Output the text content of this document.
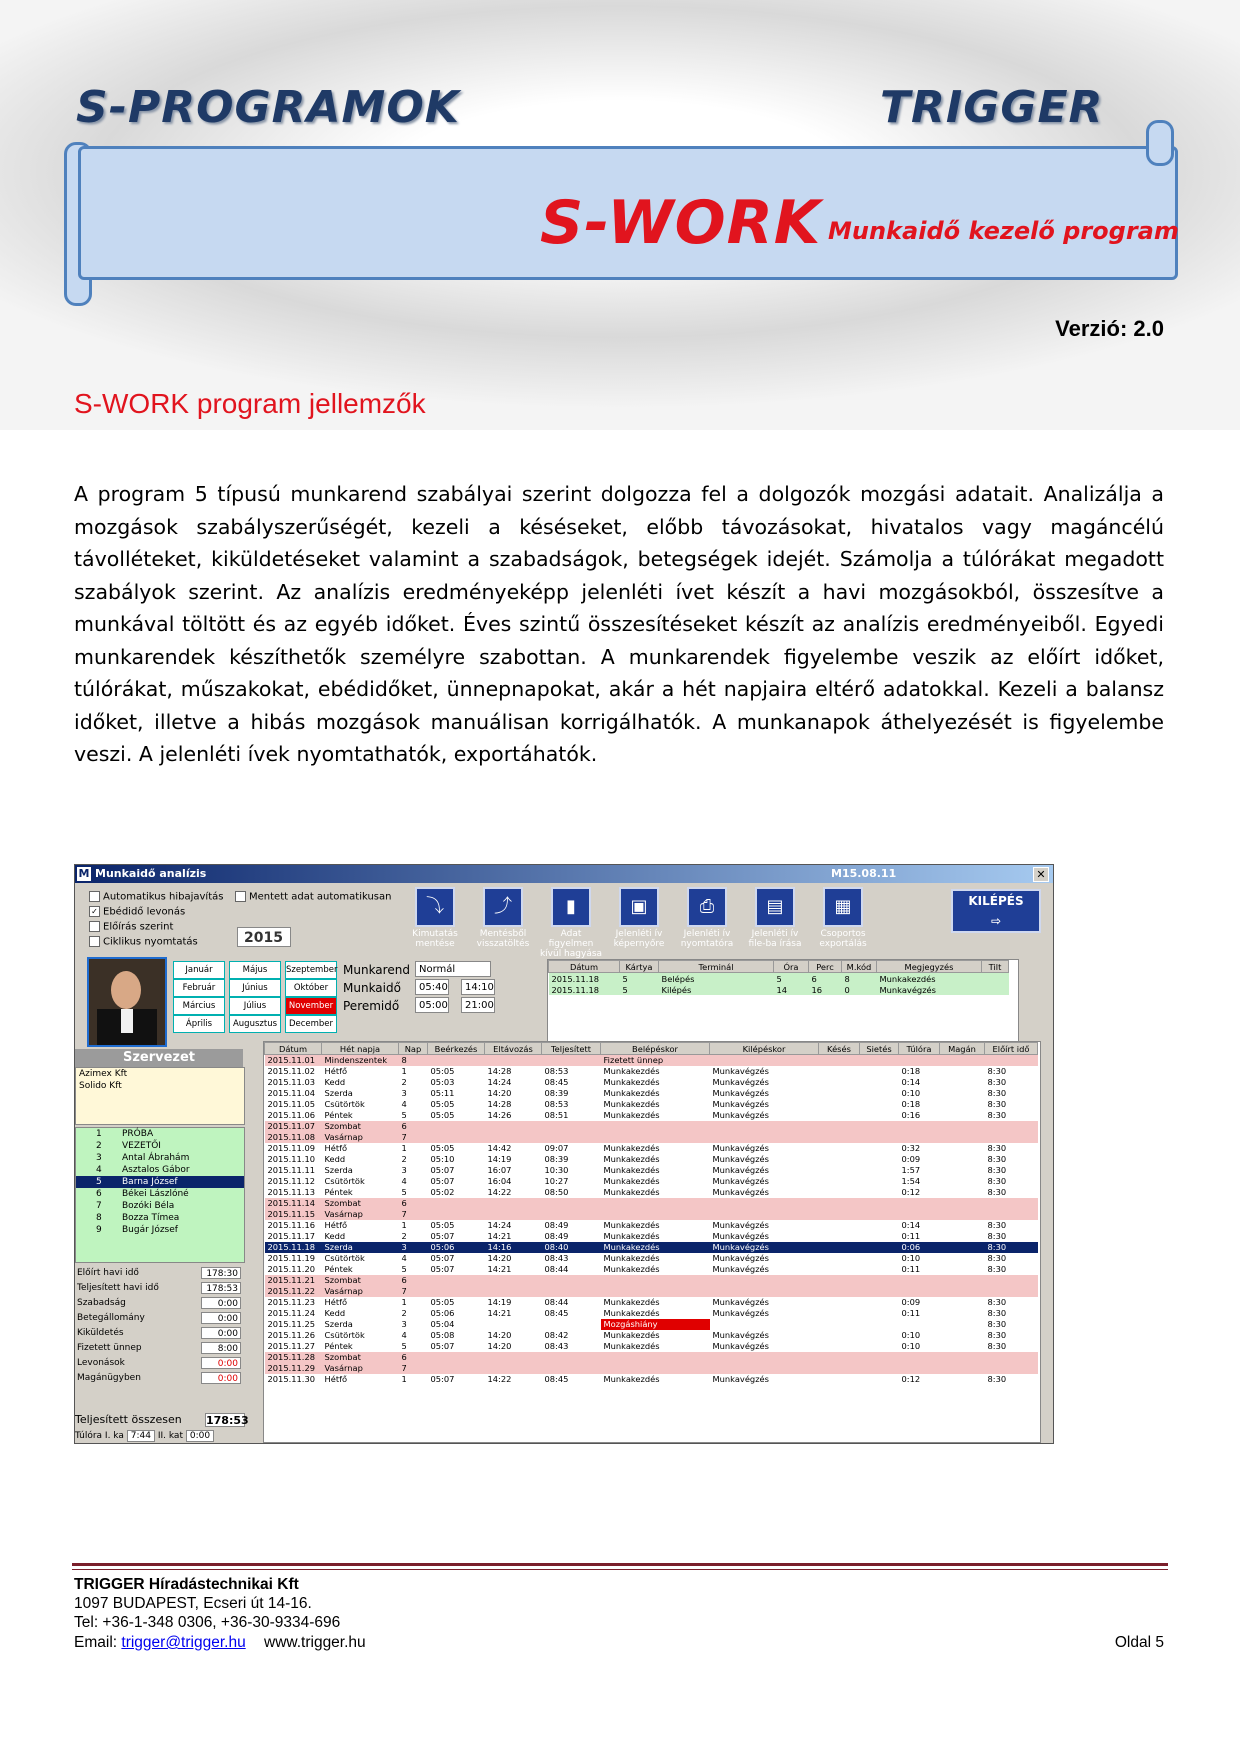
S-PROGRAMOK	TRIGGER
S-WORK Munkaidő kezelő program
Verzió: 2.0
S-WORK program jellemzők
A program 5 típusú munkarend szabályai szerint dolgozza fel a dolgozók mozgási adatait. Analizálja a mozgások szabályszerűségét, kezeli a késéseket, előbb távozásokat, hivatalos vagy magáncélú távolléteket, kiküldetéseket valamint a szabadságok, betegségek idejét. Számolja a túlórákat megadott szabályok szerint. Az analízis eredményeképp jelenléti ívet készít a havi mozgásokból, összesítve a munkával töltött és az egyéb időket. Éves szintű összesítéseket készít az analízis eredményeiből. Egyedi munkarendek készíthetők személyre szabottan. A munkarendek figyelembe veszik az előírt időket, túlórákat, műszakokat, ebédidőket, ünnepnapokat, akár a hét napjaira eltérő adatokkal. Kezeli a balansz időket, illetve a hibás mozgások manuálisan korrigálhatók. A munkanapok áthelyezését is figyelembe veszi. A jelenléti ívek nyomtathatók, exportáhatók.
M Munkaidő analízis	M15.08.11	✕
Automatikus hibajavítás
✓ Ebédidő levonás
Előírás szerint
Ciklikus nyomtatás
Mentett adat automatikusan
2015
⤵
Kimutatás mentése
⤴
Mentésből visszatöltés
▮
Adat figyelmen kívül hagyása
▣
Jelenléti ív képernyőre
⎙
Jelenléti ív nyomtatóra
▤
Jelenléti ív file-ba írása
▦
Csoportos exportálás
KILÉPÉS
⇨
Január
Február
Március
Április
Május
Június
Július
Augusztus
Szeptember
Október
November
December
Munkarend Normál
Munkaidő	05:40	14:10
Peremidő	05:00	21:00
Dátum	Kártya	Terminál	Óra	Perc	M.kód	Megjegyzés	Tilt
2015.11.18	5	Belépés	5	6	8	Munkakezdés	
2015.11.18	5	Kilépés	14	16	0	Munkavégzés	
Szervezet
Azimex Kft
Solido Kft
1 PRÓBA
2 VEZETŐI
3 Antal Ábrahám
4 Asztalos Gábor
5 Barna József
6 Békei Lászlóné
7 Bozóki Béla
8 Bozza Tímea
9 Bugár József
Előírt havi idő	178:30
Teljesített havi idő	178:53
Szabadság	0:00
Betegállomány	0:00
Kiküldetés	0:00
Fizetett ünnep	8:00
Levonások	0:00
Magánügyben	0:00
Teljesített összesen 178:53
Túlóra I. ka 7:44 II. kat 0:00
Dátum	Hét napja	Nap	Beérkezés	Eltávozás	Teljesített	Belépéskor	Kilépéskor	Késés	Sietés	Túlóra	Magán	Előírt idő
2015.11.01	Mindenszentek	8				Fizetett ünnep						
2015.11.02	Hétfő	1	05:05	14:28	08:53	Munkakezdés	Munkavégzés			0:18		8:30
2015.11.03	Kedd	2	05:03	14:24	08:45	Munkakezdés	Munkavégzés			0:14		8:30
2015.11.04	Szerda	3	05:11	14:20	08:39	Munkakezdés	Munkavégzés			0:10		8:30
2015.11.05	Csütörtök	4	05:05	14:28	08:53	Munkakezdés	Munkavégzés			0:18		8:30
2015.11.06	Péntek	5	05:05	14:26	08:51	Munkakezdés	Munkavégzés			0:16		8:30
2015.11.07	Szombat	6										
2015.11.08	Vasárnap	7										
2015.11.09	Hétfő	1	05:05	14:42	09:07	Munkakezdés	Munkavégzés			0:32		8:30
2015.11.10	Kedd	2	05:10	14:19	08:39	Munkakezdés	Munkavégzés			0:09		8:30
2015.11.11	Szerda	3	05:07	16:07	10:30	Munkakezdés	Munkavégzés			1:57		8:30
2015.11.12	Csütörtök	4	05:07	16:04	10:27	Munkakezdés	Munkavégzés			1:54		8:30
2015.11.13	Péntek	5	05:02	14:22	08:50	Munkakezdés	Munkavégzés			0:12		8:30
2015.11.14	Szombat	6										
2015.11.15	Vasárnap	7										
2015.11.16	Hétfő	1	05:05	14:24	08:49	Munkakezdés	Munkavégzés			0:14		8:30
2015.11.17	Kedd	2	05:07	14:21	08:49	Munkakezdés	Munkavégzés			0:11		8:30
2015.11.18	Szerda	3	05:06	14:16	08:40	Munkakezdés	Munkavégzés			0:06		8:30
2015.11.19	Csütörtök	4	05:07	14:20	08:43	Munkakezdés	Munkavégzés			0:10		8:30
2015.11.20	Péntek	5	05:07	14:21	08:44	Munkakezdés	Munkavégzés			0:11		8:30
2015.11.21	Szombat	6										
2015.11.22	Vasárnap	7										
2015.11.23	Hétfő	1	05:05	14:19	08:44	Munkakezdés	Munkavégzés			0:09		8:30
2015.11.24	Kedd	2	05:06	14:21	08:45	Munkakezdés	Munkavégzés			0:11		8:30
2015.11.25	Szerda	3	05:04			Mozgáshiány						8:30
2015.11.26	Csütörtök	4	05:08	14:20	08:42	Munkakezdés	Munkavégzés			0:10		8:30
2015.11.27	Péntek	5	05:07	14:20	08:43	Munkakezdés	Munkavégzés			0:10		8:30
2015.11.28	Szombat	6										
2015.11.29	Vasárnap	7										
2015.11.30	Hétfő	1	05:07	14:22	08:45	Munkakezdés	Munkavégzés			0:12		8:30
TRIGGER Híradástechnikai Kft
1097 BUDAPEST, Ecseri út 14-16.
Tel: +36-1-348 0306, +36-30-9334-696
Email: trigger@trigger.hu www.trigger.hu	Oldal 5
